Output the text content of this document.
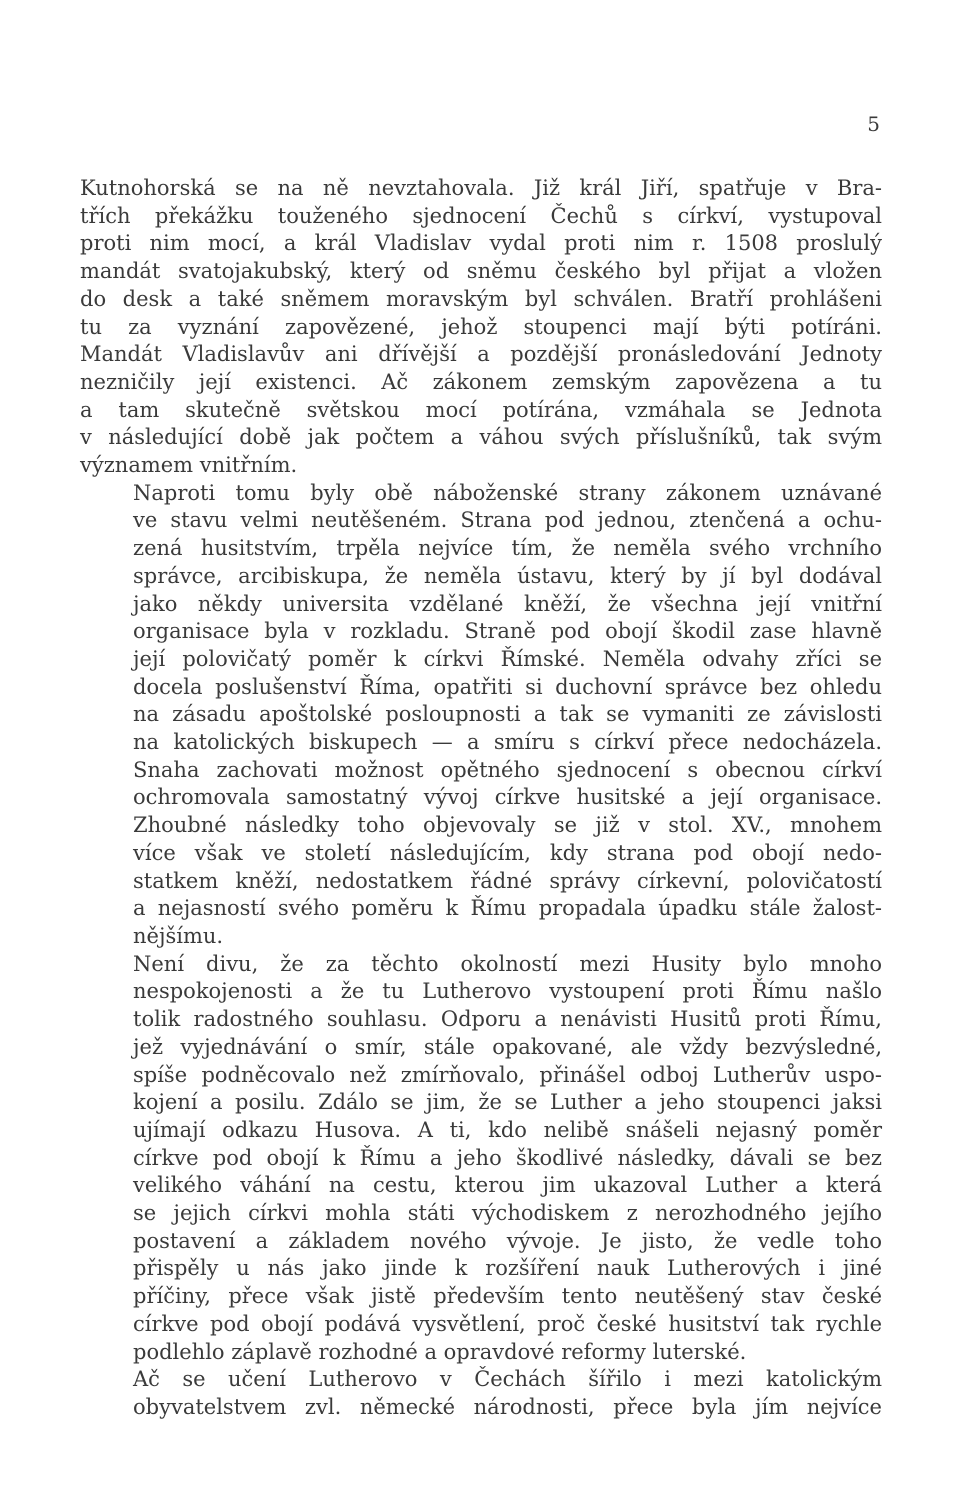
5

Kutnohorská se na ně nevztahovala. Již král Jiří, spatřuje v Bra-
třích překážku touženého sjednocení Čechů s církví, vystupoval
proti nim mocí, a král Vladislav vydal proti nim r. 1508 proslulý
mandát svatojakubský, který od sněmu českého byl přijat a vložen
do desk a také sněmem moravským byl schválen. Bratří prohlášeni
tu za vyznání zapovězené, jehož stoupenci mají býti potíráni.
Mandát Vladislavův ani dřívější a pozdější pronásledování Jednoty
nezničily její existenci. Ač zákonem zemským zapovězena a tu
a tam skutečně světskou mocí potírána, vzmáhala se Jednota
v následující době jak počtem a váhou svých příslušníků, tak svým
významem vnitřním.

Naproti tomu byly obě náboženské strany zákonem uznávané
ve stavu velmi neutěšeném. Strana pod jednou, ztenčená a ochu-
zená husitstvím, trpěla nejvíce tím, že neměla svého vrchního
správce, arcibiskupa, že neměla ústavu, který by jí byl dodával
jako někdy universita vzdělané kněží, že všechna její vnitřní
organisace byla v rozkladu. Straně pod obojí škodil zase hlavně
její polovičatý poměr k církvi Římské. Neměla odvahy zříci se
docela poslušenství Říma, opatřiti si duchovní správce bez ohledu
na zásadu apoštolské posloupnosti a tak se vymaniti ze závislosti
na katolických biskupech — a smíru s církví přece nedocházela.
Snaha zachovati možnost opětného sjednocení s obecnou církví
ochromovala samostatný vývoj církve husitské a její organisace.
Zhoubné následky toho objevovaly se již v stol. XV., mnohem
více však ve století následujícím, kdy strana pod obojí nedo-
statkem kněží, nedostatkem řádné správy církevní, polovičatostí
a nejasností svého poměru k Římu propadala úpadku stále žalost-
nějšímu.

Není divu, že za těchto okolností mezi Husity bylo mnoho
nespokojenosti a že tu Lutherovo vystoupení proti Římu našlo
tolik radostného souhlasu. Odporu a nenávisti Husitů proti Římu,
jež vyjednávání o smír, stále opakované, ale vždy bezvýsledné,
spíše podněcovalo než zmírňovalo, přinášel odboj Lutherův uspo-
kojení a posilu. Zdálo se jim, že se Luther a jeho stoupenci jaksi
ujímají odkazu Husova. A ti, kdo nelibě snášeli nejasný poměr
církve pod obojí k Římu a jeho škodlivé následky, dávali se bez
velikého váhání na cestu, kterou jim ukazoval Luther a která
se jejich církvi mohla státi východiskem z nerozhodného jejího
postavení a základem nového vývoje. Je jisto, že vedle toho
přispěly u nás jako jinde k rozšíření nauk Lutherových i jiné
příčiny, přece však jistě především tento neutěšený stav české
církve pod obojí podává vysvětlení, proč české husitství tak rychle
podlehlo záplavě rozhodné a opravdové reformy luterské.

Ač se učení Lutherovo v Čechách šířilo i mezi katolickým
obyvatelstvem zvl. německé národnosti, přece byla jím nejvíce
